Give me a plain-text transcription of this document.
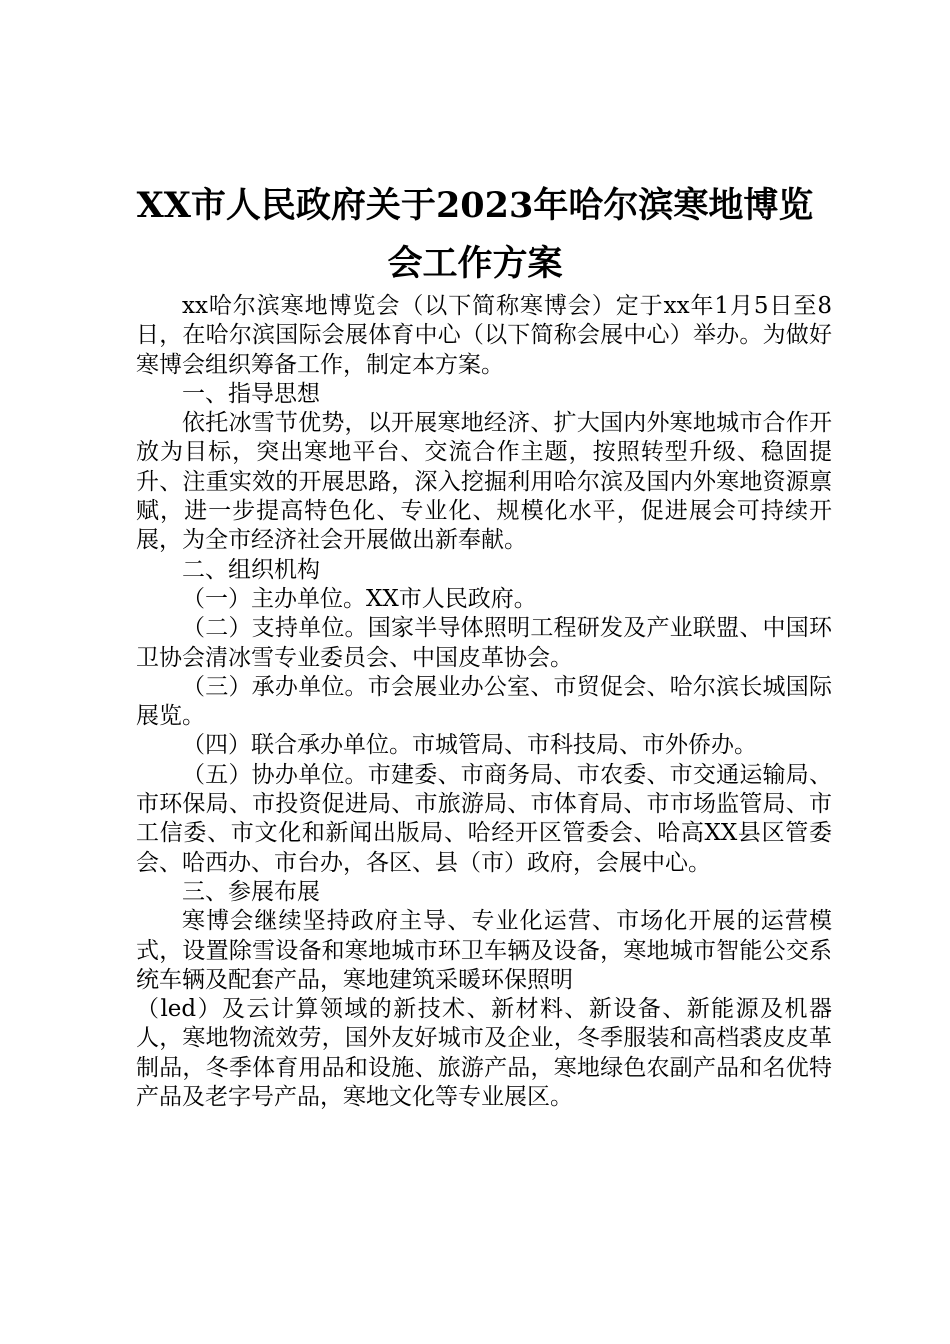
XX市人民政府关于2023年哈尔滨寒地博览
会工作方案

xx哈尔滨寒地博览会（以下简称寒博会）定于xx年1月5日至8日，在哈尔滨国际会展体育中心（以下简称会展中心）举办。为做好寒博会组织筹备工作，制定本方案。

一、指导思想

依托冰雪节优势，以开展寒地经济、扩大国内外寒地城市合作开放为目标，突出寒地平台、交流合作主题，按照转型升级、稳固提升、注重实效的开展思路，深入挖掘利用哈尔滨及国内外寒地资源禀赋，进一步提高特色化、专业化、规模化水平，促进展会可持续开展，为全市经济社会开展做出新奉献。

二、组织机构

（一）主办单位。XX市人民政府。

（二）支持单位。国家半导体照明工程研发及产业联盟、中国环卫协会清冰雪专业委员会、中国皮革协会。

（三）承办单位。市会展业办公室、市贸促会、哈尔滨长城国际展览。

（四）联合承办单位。市城管局、市科技局、市外侨办。

（五）协办单位。市建委、市商务局、市农委、市交通运输局、市环保局、市投资促进局、市旅游局、市体育局、市市场监管局、市工信委、市文化和新闻出版局、哈经开区管委会、哈高XX县区管委会、哈西办、市台办，各区、县（市）政府，会展中心。

三、参展布展

寒博会继续坚持政府主导、专业化运营、市场化开展的运营模式，设置除雪设备和寒地城市环卫车辆及设备，寒地城市智能公交系统车辆及配套产品，寒地建筑采暖环保照明

（led）及云计算领域的新技术、新材料、新设备、新能源及机器人，寒地物流效劳，国外友好城市及企业，冬季服装和高档裘皮皮革制品，冬季体育用品和设施、旅游产品，寒地绿色农副产品和名优特产品及老字号产品，寒地文化等专业展区。
